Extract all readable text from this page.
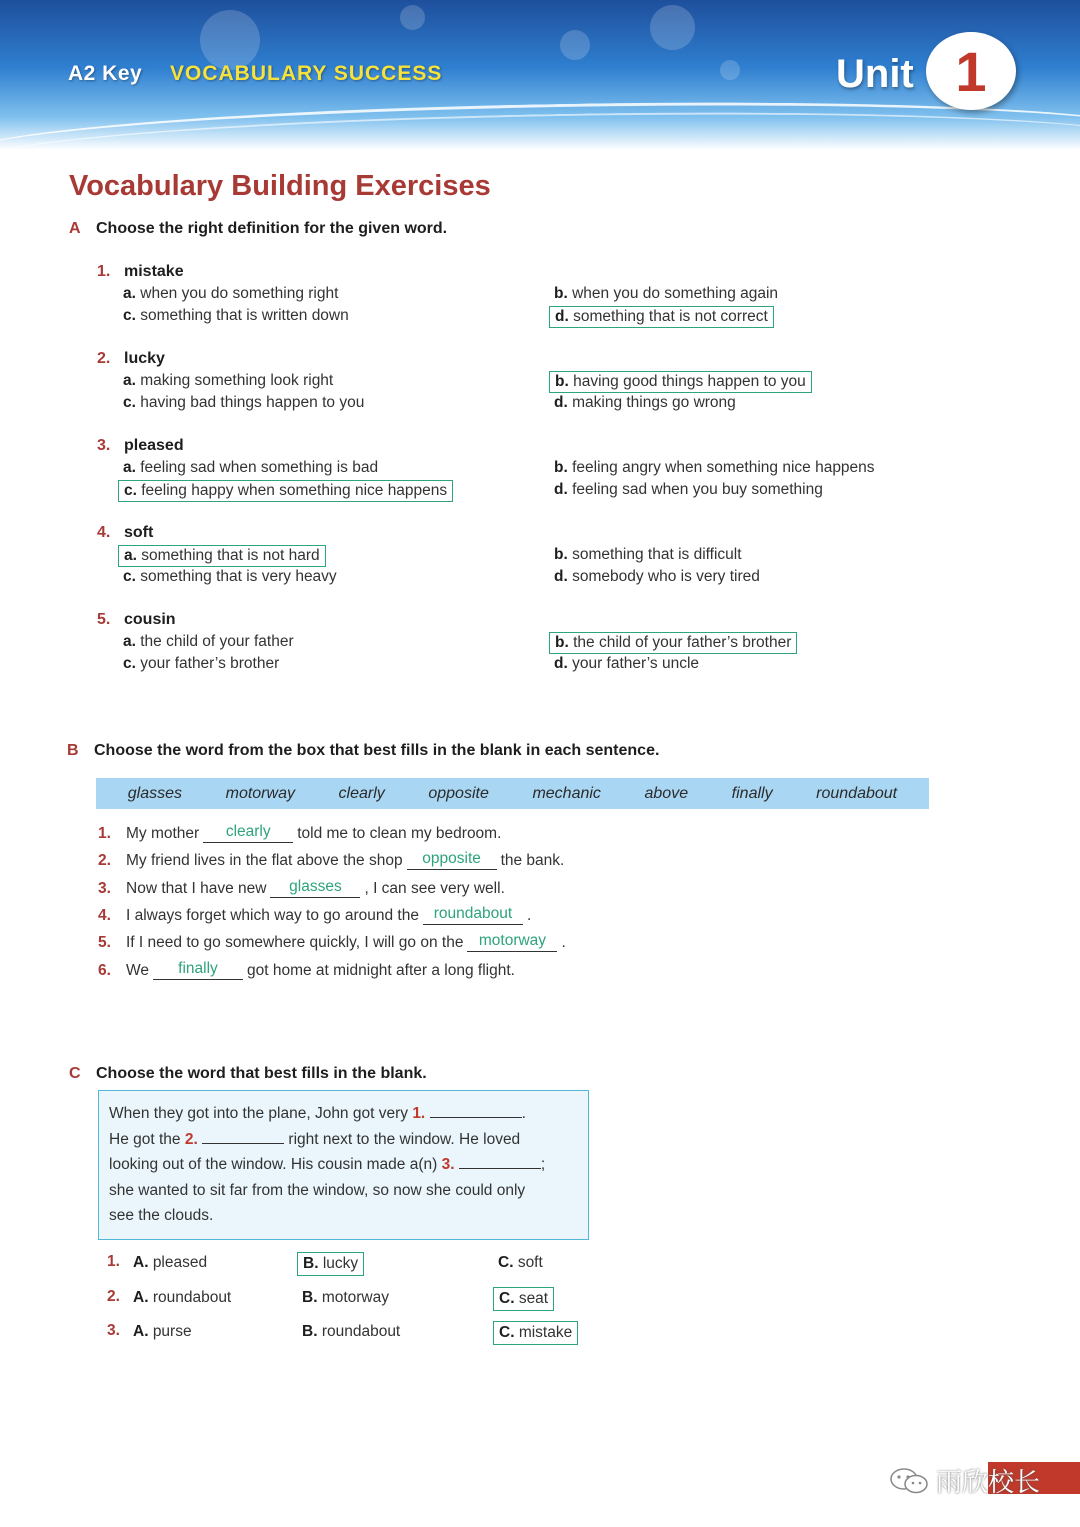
A2 Key VOCABULARY SUCCESS	Unit 1
Vocabulary Building Exercises
A Choose the right definition for the given word.
1. mistake
a. when you do something right	b. when you do something again
c. something that is written down	d. something that is not correct
2. lucky
a. making something look right	b. having good things happen to you
c. having bad things happen to you	d. making things go wrong
3. pleased
a. feeling sad when something is bad	b. feeling angry when something nice happens
c. feeling happy when something nice happens	d. feeling sad when you buy something
4. soft
a. something that is not hard	b. something that is difficult
c. something that is very heavy	d. somebody who is very tired
5. cousin
a. the child of your father	b. the child of your father’s brother
c. your father’s brother	d. your father’s uncle
B Choose the word from the box that best fills in the blank in each sentence.
glasses	motorway	clearly	opposite	mechanic	above	finally	roundabout
1. My mother	clearly	told me to clean my bedroom.
2. My friend lives in the flat above the shop	opposite	the bank.
3. Now that I have new	glasses	, I can see very well.
4. I always forget which way to go around the roundabout .
5. If I need to go somewhere quickly, I will go on the motorway .
6. We	finally	got home at midnight after a long flight.
C Choose the word that best fills in the blank.

When they got into the plane, John got very 1.	.

He got the 2.	right next to the window. He loved

looking out of the window. His cousin made a(n) 3.	;

she wanted to sit far from the window, so now she could only

see the clouds.

1. A. pleased	B. lucky	C. soft
2. A. roundabout	B. motorway	C. seat
3. A. purse	B. roundabout	C. mistake
雨欣校长
